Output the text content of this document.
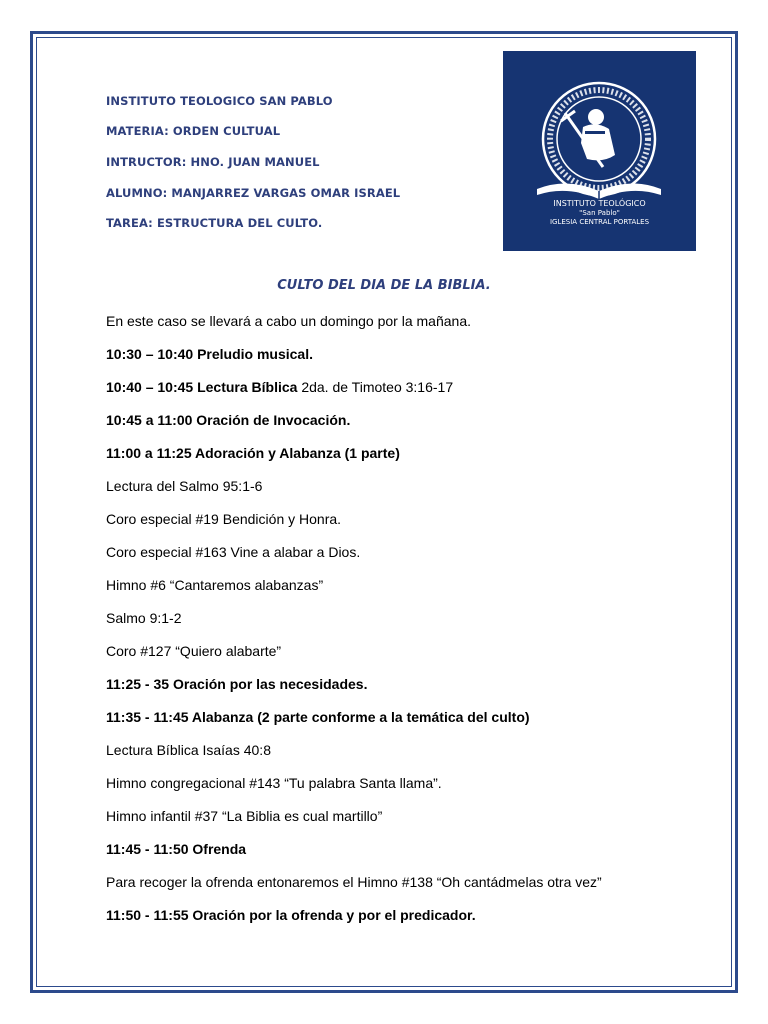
INSTITUTO TEOLOGICO SAN PABLO
MATERIA: ORDEN CULTUAL
INTRUCTOR: HNO. JUAN MANUEL
ALUMNO: MANJARREZ VARGAS OMAR ISRAEL
TAREA: ESTRUCTURA DEL CULTO.
INSTITUTO TEOLÓGICO
"San Pablo"
IGLESIA CENTRAL PORTALES
CULTO DEL DIA DE LA BIBLIA.
En este caso se llevará a cabo un domingo por la mañana.
10:30 – 10:40 Preludio musical.
10:40 – 10:45 Lectura Bíblica 2da. de Timoteo 3:16-17
10:45 a 11:00 Oración de Invocación.
11:00 a 11:25 Adoración y Alabanza (1 parte)
Lectura del Salmo 95:1-6
Coro especial #19 Bendición y Honra.
Coro especial #163 Vine a alabar a Dios.
Himno #6 “Cantaremos alabanzas”
Salmo 9:1-2
Coro #127 “Quiero alabarte”
11:25 - 35 Oración por las necesidades.
11:35 - 11:45 Alabanza (2 parte conforme a la temática del culto)
Lectura Bíblica Isaías 40:8
Himno congregacional #143 “Tu palabra Santa llama”.
Himno infantil #37 “La Biblia es cual martillo”
11:45 - 11:50 Ofrenda
Para recoger la ofrenda entonaremos el Himno #138 “Oh cantádmelas otra vez”
11:50 - 11:55 Oración por la ofrenda y por el predicador.
